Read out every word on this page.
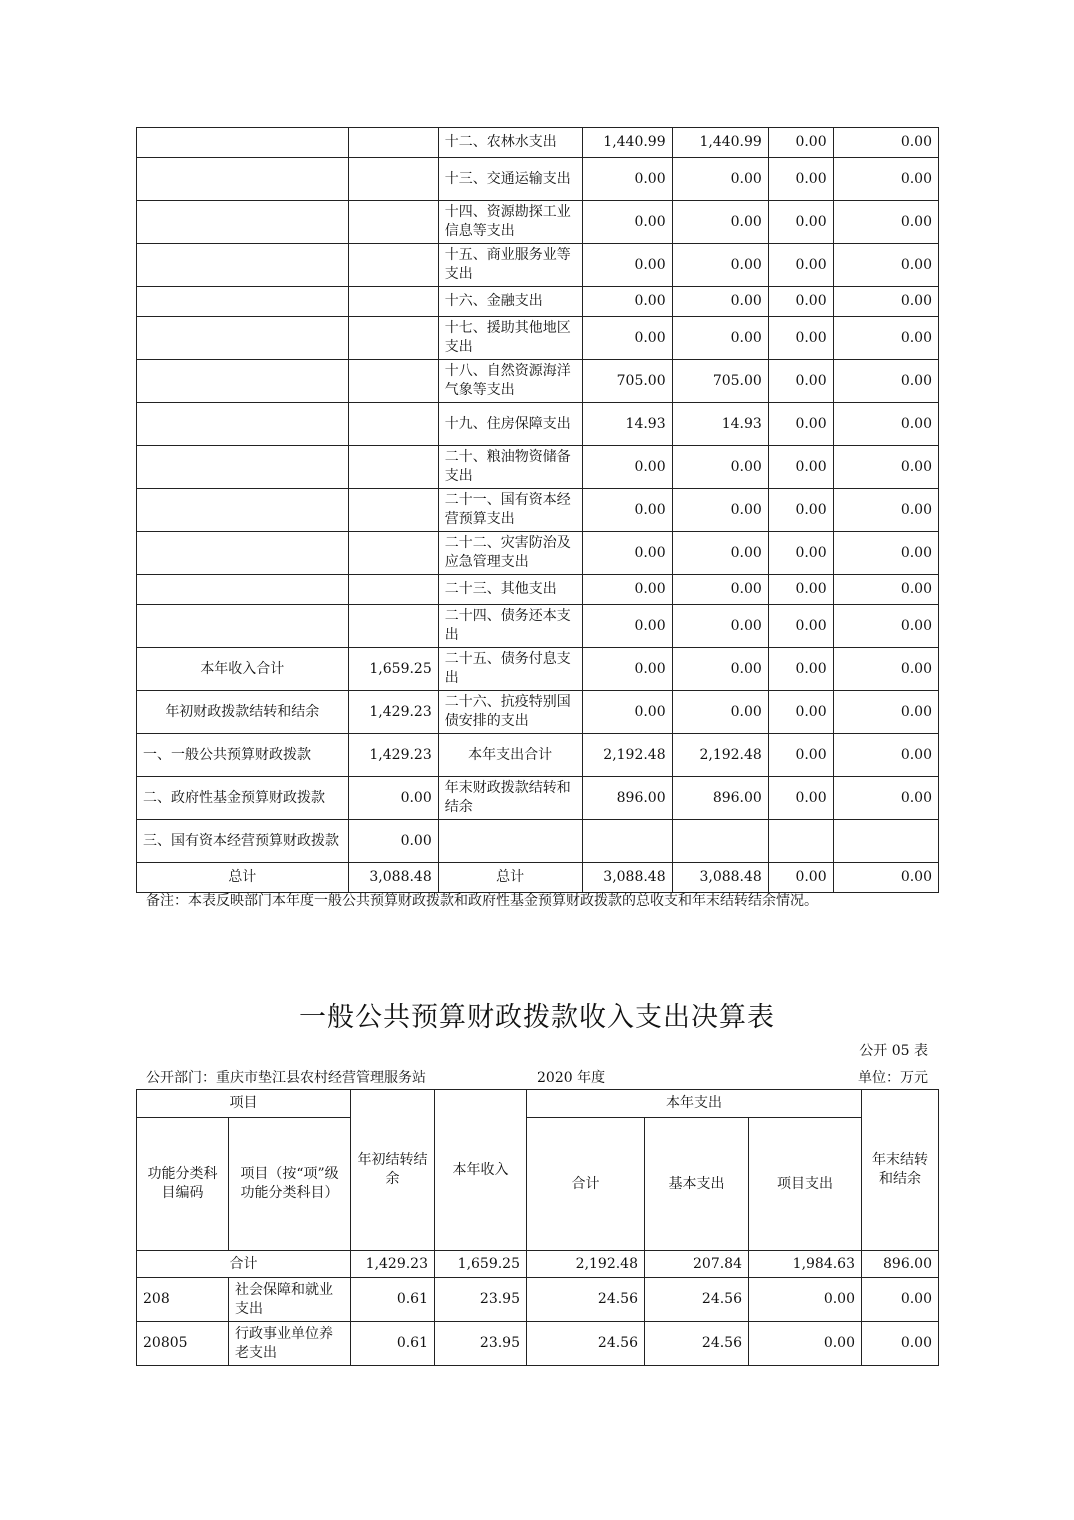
		十二、农林水支出	1,440.99	1,440.99	0.00	0.00
		十三、交通运输支出	0.00	0.00	0.00	0.00
		十四、资源勘探工业信息等支出	0.00	0.00	0.00	0.00
		十五、商业服务业等支出	0.00	0.00	0.00	0.00
		十六、金融支出	0.00	0.00	0.00	0.00
		十七、援助其他地区支出	0.00	0.00	0.00	0.00
		十八、自然资源海洋气象等支出	705.00	705.00	0.00	0.00
		十九、住房保障支出	14.93	14.93	0.00	0.00
		二十、粮油物资储备支出	0.00	0.00	0.00	0.00
		二十一、国有资本经营预算支出	0.00	0.00	0.00	0.00
		二十二、灾害防治及应急管理支出	0.00	0.00	0.00	0.00
		二十三、其他支出	0.00	0.00	0.00	0.00
		二十四、债务还本支出	0.00	0.00	0.00	0.00
本年收入合计	1,659.25	二十五、债务付息支出	0.00	0.00	0.00	0.00
年初财政拨款结转和结余	1,429.23	二十六、抗疫特别国债安排的支出	0.00	0.00	0.00	0.00
一、一般公共预算财政拨款	1,429.23	本年支出合计	2,192.48	2,192.48	0.00	0.00
二、政府性基金预算财政拨款	0.00	年末财政拨款结转和结余	896.00	896.00	0.00	0.00
三、国有资本经营预算财政拨款	0.00					
总计	3,088.48	总计	3,088.48	3,088.48	0.00	0.00
备注：本表反映部门本年度一般公共预算财政拨款和政府性基金预算财政拨款的总收支和年末结转结余情况。
一般公共预算财政拨款收入支出决算表
公开 05 表
公开部门：重庆市垫江县农村经营管理服务站	2020 年度	单位：万元
项目		年初结转结余	本年收入	本年支出			年末结转和结余
功能分类科目编码	项目（按“项”级功能分类科目）			合计	基本支出	项目支出	
合计		1,429.23	1,659.25	2,192.48	207.84	1,984.63	896.00
208	社会保障和就业支出	0.61	23.95	24.56	24.56	0.00	0.00
20805	行政事业单位养老支出	0.61	23.95	24.56	24.56	0.00	0.00
